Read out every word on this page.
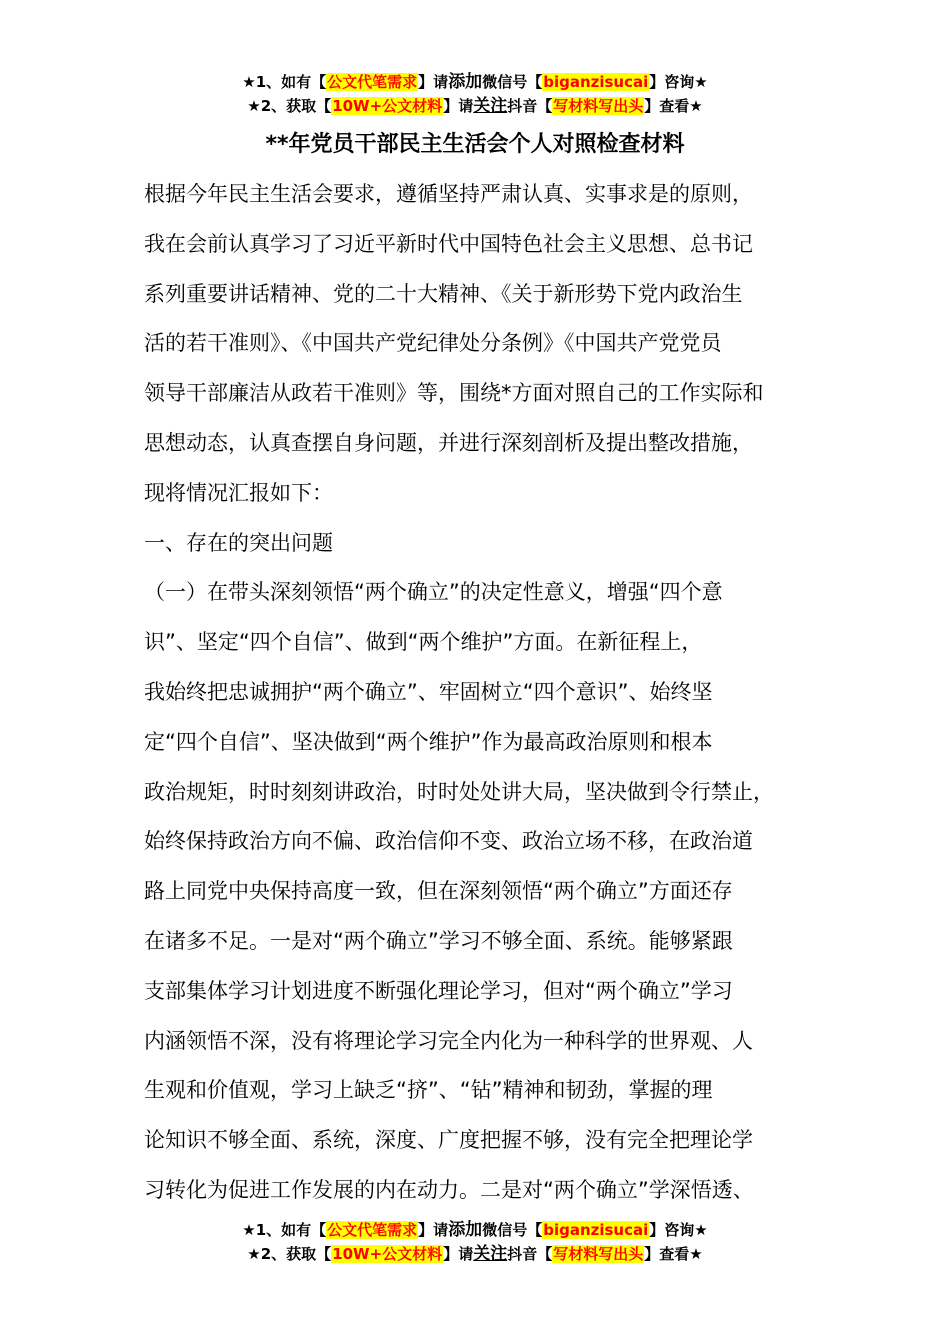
★1、如有【公文代笔需求】请添加微信号【biganzisucai】咨询★
★2、获取【10W+公文材料】请关注抖音【写材料写出头】查看★
**年党员干部民主生活会个人对照检查材料
根据今年民主生活会要求，遵循坚持严肃认真、实事求是的原则，
我在会前认真学习了习近平新时代中国特色社会主义思想、总书记
系列重要讲话精神、党的二十大精神、《关于新形势下党内政治生
活的若干准则》、《中国共产党纪律处分条例》《中国共产党党员
领导干部廉洁从政若干准则》等，围绕*方面对照自己的工作实际和
思想动态，认真查摆自身问题，并进行深刻剖析及提出整改措施，
现将情况汇报如下：
一、存在的突出问题
（一）在带头深刻领悟“两个确立”的决定性意义，增强“四个意
识”、坚定“四个自信”、做到“两个维护”方面。在新征程上，
我始终把忠诚拥护“两个确立”、牢固树立“四个意识”、始终坚
定“四个自信”、坚决做到“两个维护”作为最高政治原则和根本
政治规矩，时时刻刻讲政治，时时处处讲大局，坚决做到令行禁止，
始终保持政治方向不偏、政治信仰不变、政治立场不移，在政治道
路上同党中央保持高度一致，但在深刻领悟“两个确立”方面还存
在诸多不足。一是对“两个确立”学习不够全面、系统。能够紧跟
支部集体学习计划进度不断强化理论学习，但对“两个确立”学习
内涵领悟不深，没有将理论学习完全内化为一种科学的世界观、人
生观和价值观，学习上缺乏“挤”、“钻”精神和韧劲，掌握的理
论知识不够全面、系统，深度、广度把握不够，没有完全把理论学
习转化为促进工作发展的内在动力。二是对“两个确立”学深悟透、
★1、如有【公文代笔需求】请添加微信号【biganzisucai】咨询★
★2、获取【10W+公文材料】请关注抖音【写材料写出头】查看★
